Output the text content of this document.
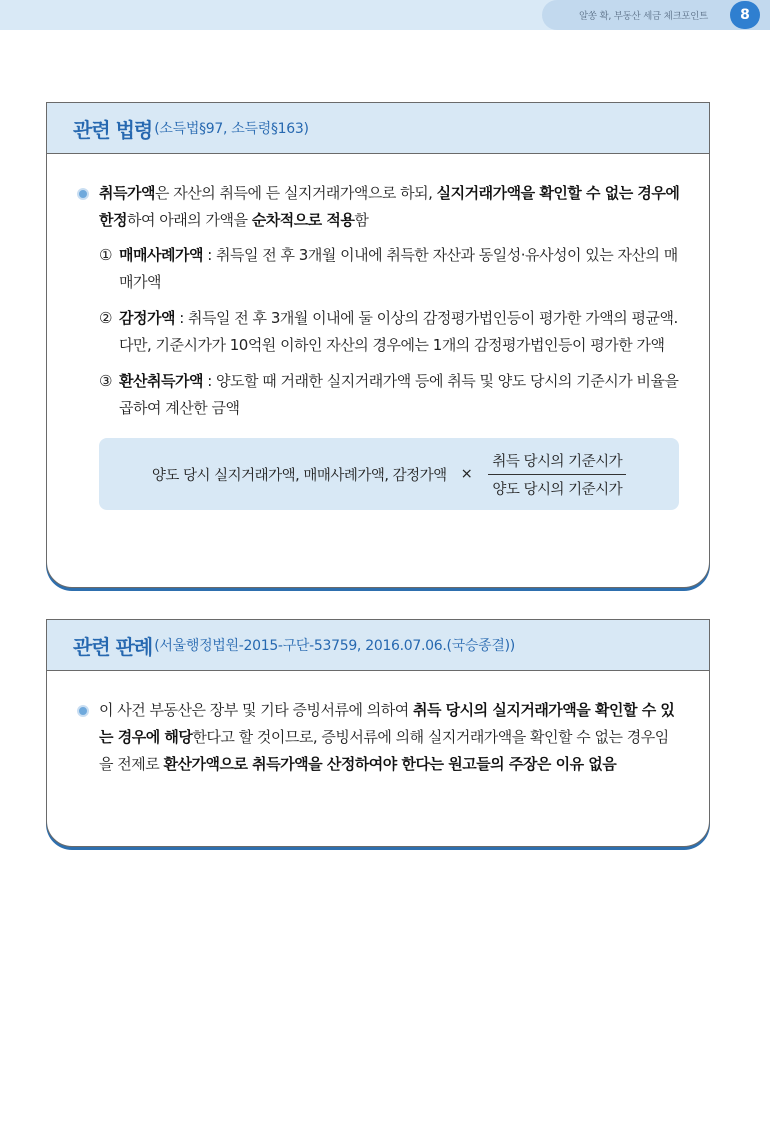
알쏭 확, 부동산 세금 체크포인트	8
관련 법령 (소득법§97, 소득령§163)
취득가액은 자산의 취득에 든 실지거래가액으로 하되, 실지거래가액을 확인할 수 없는 경우에 한정하여 아래의 가액을 순차적으로 적용함
① 매매사례가액 : 취득일 전 후 3개월 이내에 취득한 자산과 동일성·유사성이 있는 자산의 매매가액
② 감정가액 : 취득일 전 후 3개월 이내에 둘 이상의 감정평가법인등이 평가한 가액의 평균액. 다만, 기준시가가 10억원 이하인 자산의 경우에는 1개의 감정평가법인등이 평가한 가액
③ 환산취득가액 : 양도할 때 거래한 실지거래가액 등에 취득 및 양도 당시의 기준시가 비율을 곱하여 계산한 금액
양도 당시 실지거래가액, 매매사례가액, 감정가액 × $\frac{\text{취득 당시의 기준시가}}{\text{양도 당시의 기준시가}}$
관련 판례 (서울행정법원-2015-구단-53759, 2016.07.06.(국승종결))
이 사건 부동산은 장부 및 기타 증빙서류에 의하여 취득 당시의 실지거래가액을 확인할 수 있는 경우에 해당한다고 할 것이므로, 증빙서류에 의해 실지거래가액을 확인할 수 없는 경우임을 전제로 환산가액으로 취득가액을 산정하여야 한다는 원고들의 주장은 이유 없음
